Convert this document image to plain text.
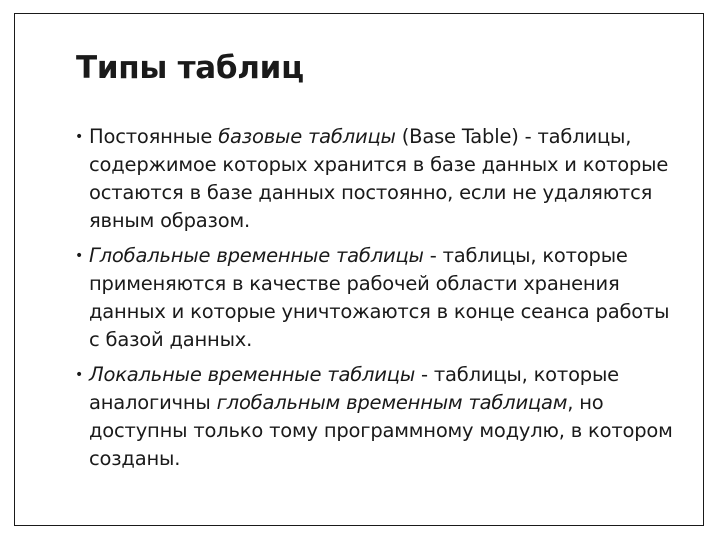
Типы таблиц
• Постоянные базовые таблицы (Base Table) - таблицы, содержимое которых хранится в базе данных и которые остаются в базе данных постоянно, если не удаляются явным образом.
• Глобальные временные таблицы - таблицы, которые применяются в качестве рабочей области хранения данных и которые уничтожаются в конце сеанса работы с базой данных.
• Локальные временные таблицы - таблицы, которые аналогичны глобальным временным таблицам, но доступны только тому программному модулю, в котором созданы.
